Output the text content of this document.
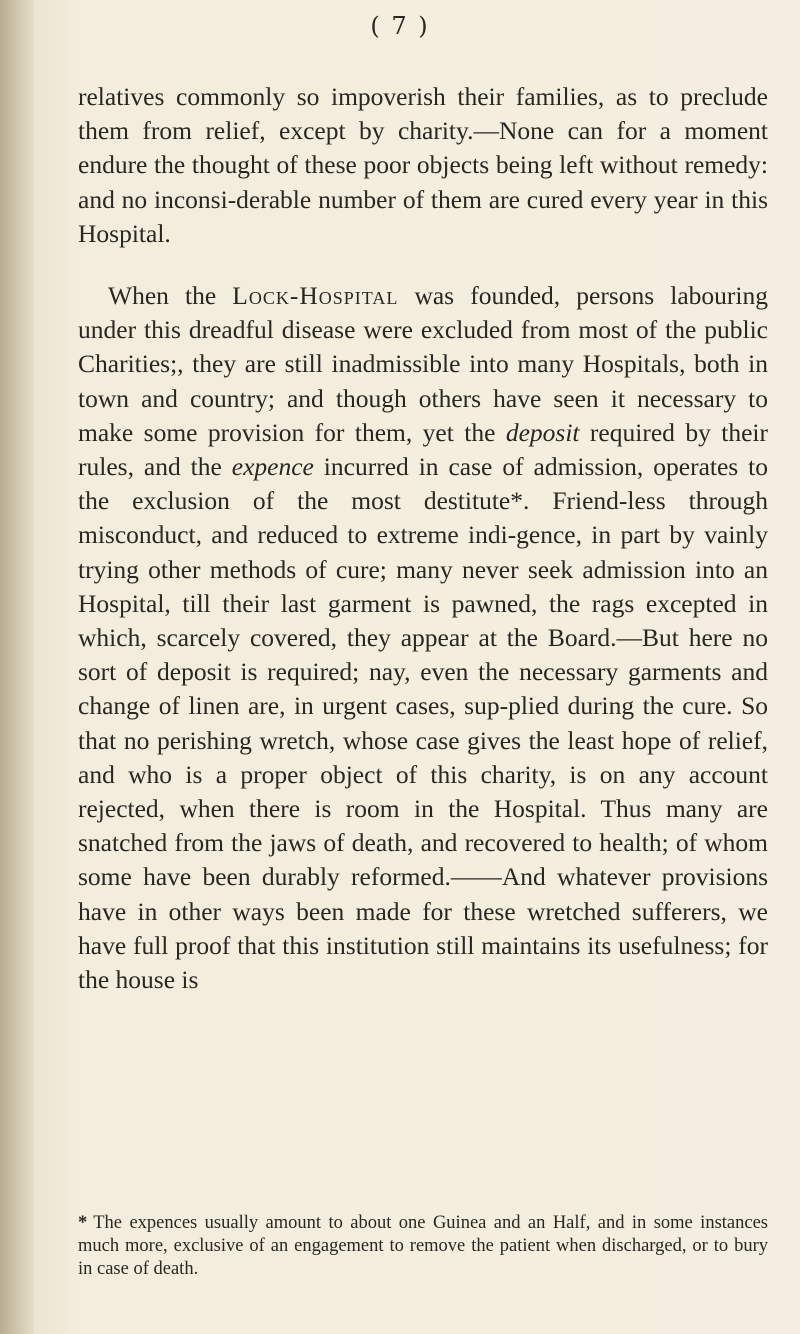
( 7 )

relatives commonly so impoverish their families, as to preclude them from relief, except by charity.—None can for a moment endure the thought of these poor objects being left without remedy: and no inconsi-derable number of them are cured every year in this Hospital.

When the Lock-Hospital was founded, persons labouring under this dreadful disease were excluded from most of the public Charities;, they are still inadmissible into many Hospitals, both in town and country; and though others have seen it necessary to make some provision for them, yet the deposit required by their rules, and the expence incurred in case of admission, operates to the exclusion of the most destitute*. Friend-less through misconduct, and reduced to extreme indi-gence, in part by vainly trying other methods of cure; many never seek admission into an Hospital, till their last garment is pawned, the rags excepted in which, scarcely covered, they appear at the Board.—But here no sort of deposit is required; nay, even the necessary garments and change of linen are, in urgent cases, sup-plied during the cure. So that no perishing wretch, whose case gives the least hope of relief, and who is a proper object of this charity, is on any account rejected, when there is room in the Hospital. Thus many are snatched from the jaws of death, and recovered to health; of whom some have been durably reformed.——And whatever provisions have in other ways been made for these wretched sufferers, we have full proof that this institution still maintains its usefulness; for the house is

* The expences usually amount to about one Guinea and an Half, and in some instances much more, exclusive of an engagement to remove the patient when discharged, or to bury in case of death.
